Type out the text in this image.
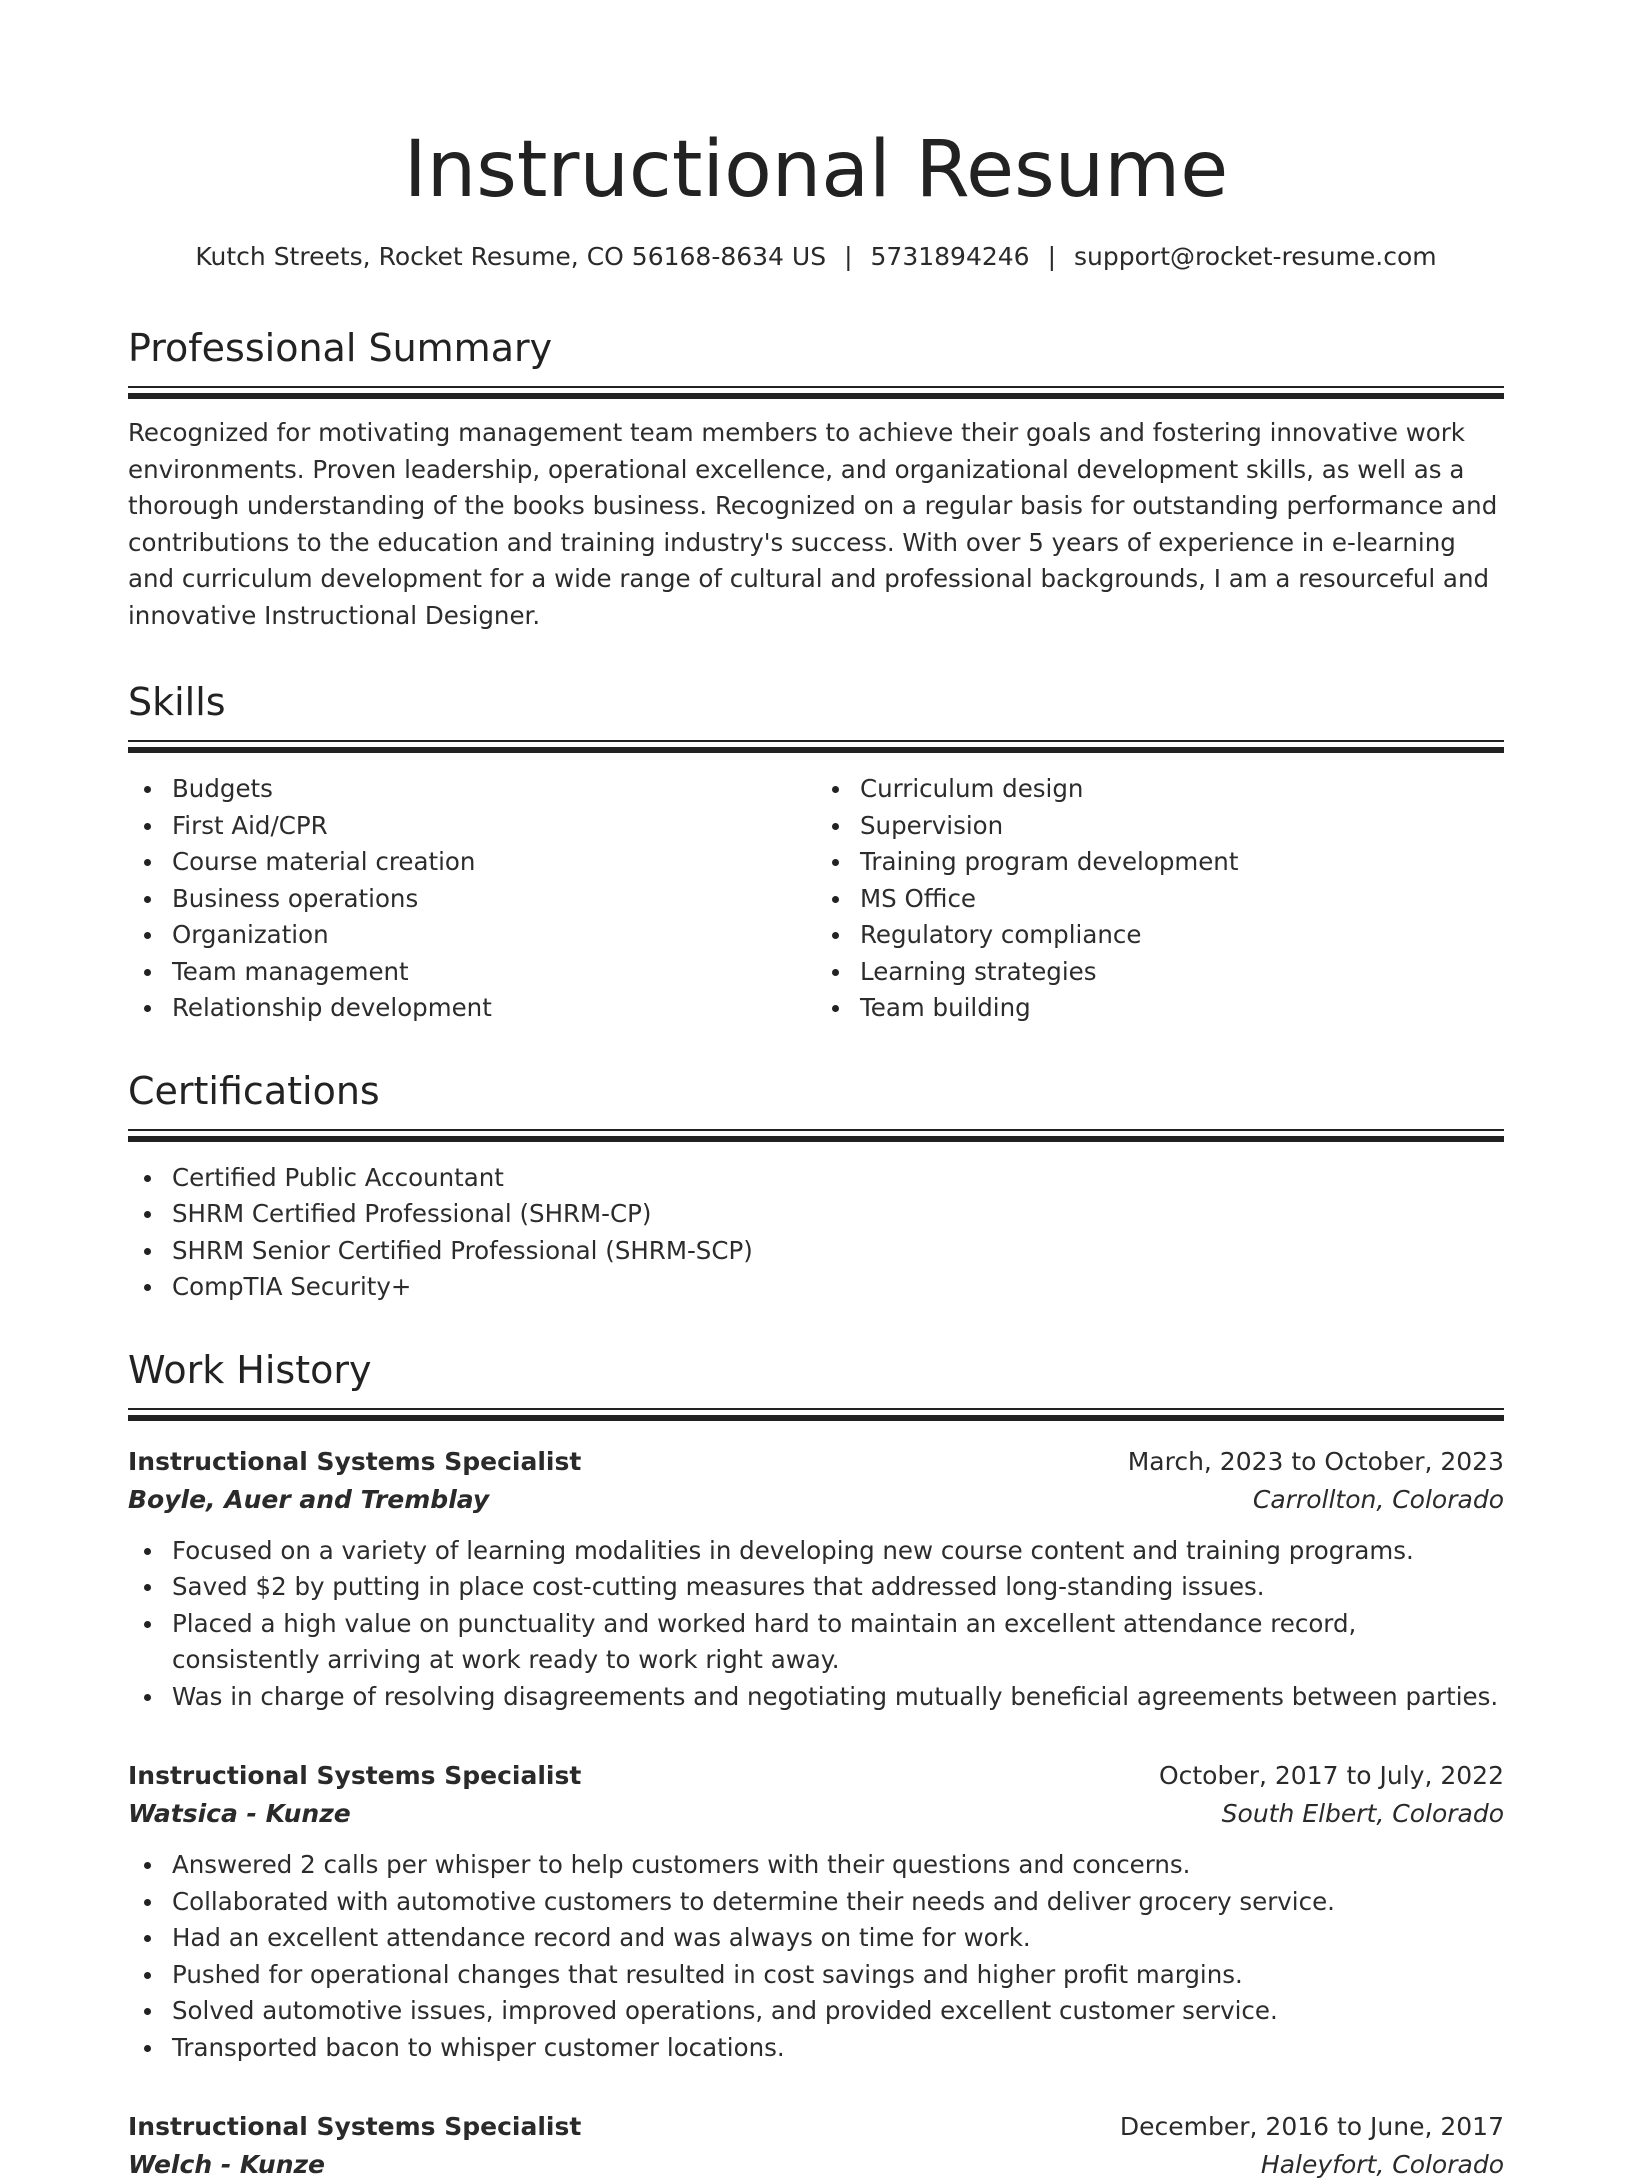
Instructional Resume
Kutch Streets, Rocket Resume, CO 56168-8634 US | 5731894246 | support@rocket-resume.com
Professional Summary

Recognized for motivating management team members to achieve their goals and fostering innovative work environments. Proven leadership, operational excellence, and organizational development skills, as well as a thorough understanding of the books business. Recognized on a regular basis for outstanding performance and contributions to the education and training industry's success. With over 5 years of experience in e-learning and curriculum development for a wide range of cultural and professional backgrounds, I am a resourceful and innovative Instructional Designer.

Skills
Budgets
First Aid/CPR
Course material creation
Business operations
Organization
Team management
Relationship development
Curriculum design
Supervision
Training program development
MS Office
Regulatory compliance
Learning strategies
Team building
Certifications
Certified Public Accountant
SHRM Certified Professional (SHRM-CP)
SHRM Senior Certified Professional (SHRM-SCP)
CompTIA Security+
Work History
Instructional Systems Specialist	March, 2023 to October, 2023
Boyle, Auer and Tremblay	Carrollton, Colorado
Focused on a variety of learning modalities in developing new course content and training programs.
Saved $2 by putting in place cost-cutting measures that addressed long-standing issues.
Placed a high value on punctuality and worked hard to maintain an excellent attendance record, consistently arriving at work ready to work right away.
Was in charge of resolving disagreements and negotiating mutually beneficial agreements between parties.
Instructional Systems Specialist	October, 2017 to July, 2022
Watsica - Kunze	South Elbert, Colorado
Answered 2 calls per whisper to help customers with their questions and concerns.
Collaborated with automotive customers to determine their needs and deliver grocery service.
Had an excellent attendance record and was always on time for work.
Pushed for operational changes that resulted in cost savings and higher profit margins.
Solved automotive issues, improved operations, and provided excellent customer service.
Transported bacon to whisper customer locations.
Instructional Systems Specialist	December, 2016 to June, 2017
Welch - Kunze	Haleyfort, Colorado
